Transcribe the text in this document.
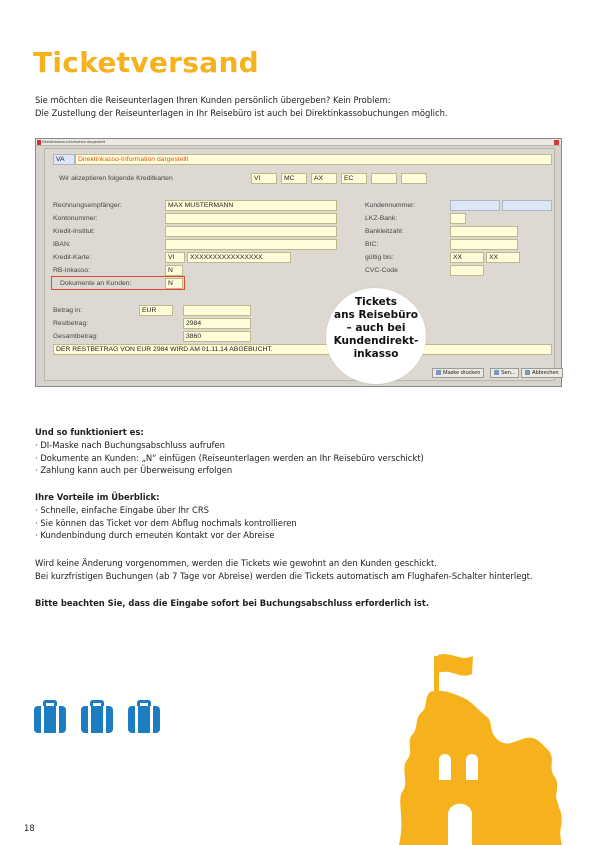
Ticketversand
Sie möchten die Reiseunterlagen Ihren Kunden persönlich übergeben? Kein Problem:
Die Zustellung der Reiseunterlagen in Ihr Reisebüro ist auch bei Direktinkassobuchungen möglich.
Direktinkasso-Information dargestellt
VA	Direktinkasso-Information dargestellt
Wir akzeptieren folgende Kreditkarten	VI	MC	AX	EC
Rechnungsempfänger:	MAX MUSTERMANN
Kontonummer:
Kredit-Institut:
IBAN:
Kredit-Karte:	VI	XXXXXXXXXXXXXXXX
RB-Inkasso:	N
Dokumente an Kunden:	N
Kundennummer:
LKZ-Bank:
Bankleitzahl:
BIC:
gültig bis:	XX	XX
CVC-Code
Betrag in:	EUR
Restbetrag:	2984
Gesamtbetrag:	3860
DER RESTBETRAG VON EUR 2984 WIRD AM 01.11.14 ABGEBUCHT.
Maske drucken	Sen...	Abbrechen
Tickets
ans Reisebüro
– auch bei
Kundendirekt-
inkasso
Und so funktioniert es:
· DI-Maske nach Buchungsabschluss aufrufen
· Dokumente an Kunden: „N“ einfügen (Reiseunterlagen werden an Ihr Reisebüro verschickt)
· Zahlung kann auch per Überweisung erfolgen
Ihre Vorteile im Überblick:
· Schnelle, einfache Eingabe über Ihr CRS
· Sie können das Ticket vor dem Abflug nochmals kontrollieren
· Kundenbindung durch erneuten Kontakt vor der Abreise
Wird keine Änderung vorgenommen, werden die Tickets wie gewohnt an den Kunden geschickt.
Bei kurzfristigen Buchungen (ab 7 Tage vor Abreise) werden die Tickets automatisch am Flughafen-Schalter hinterlegt.
Bitte beachten Sie, dass die Eingabe sofort bei Buchungsabschluss erforderlich ist.
18
